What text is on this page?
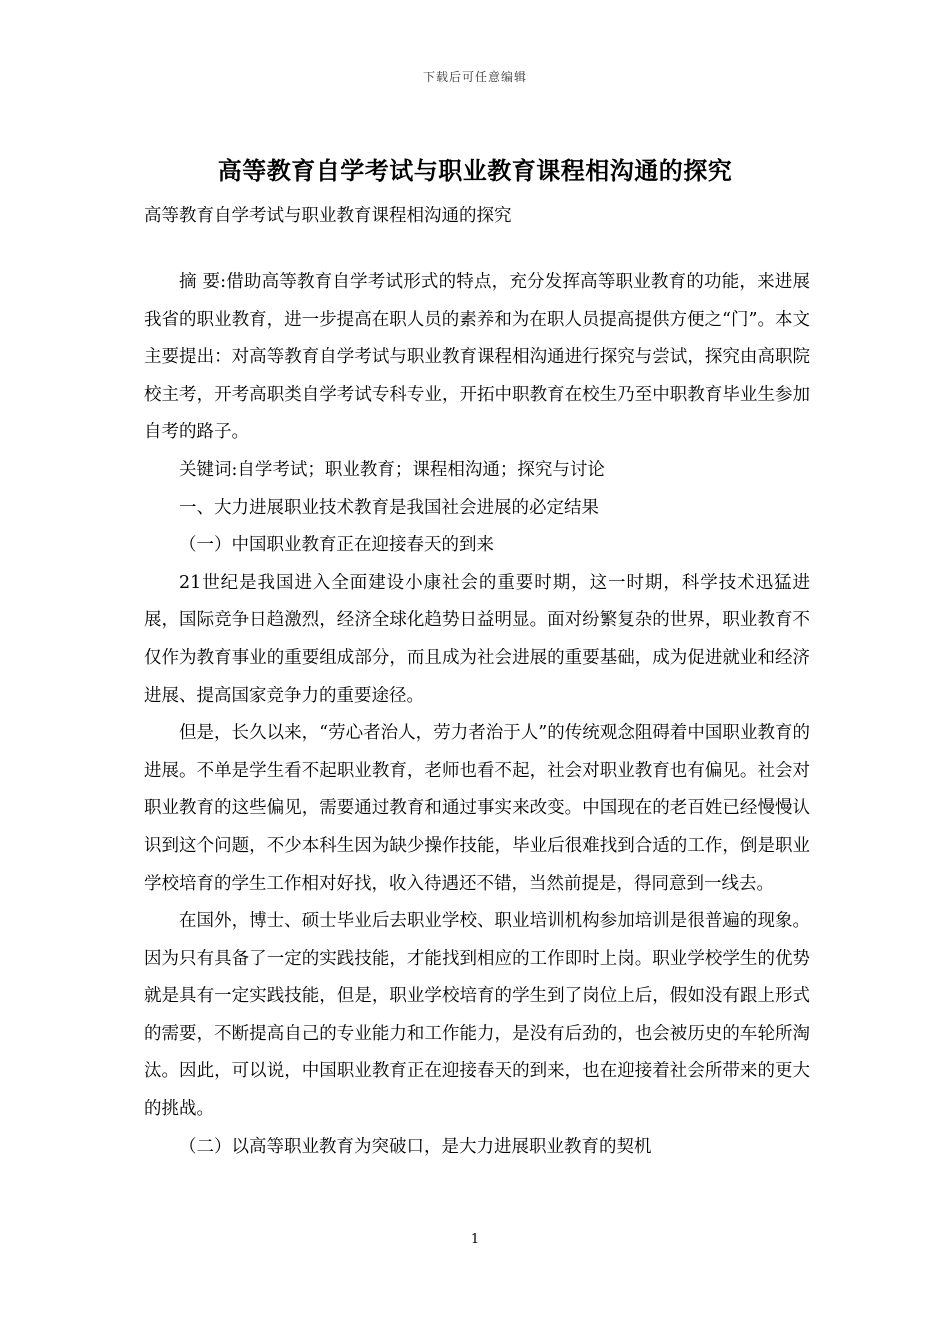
下载后可任意编辑
高等教育自学考试与职业教育课程相沟通的探究
高等教育自学考试与职业教育课程相沟通的探究

摘 要:借助高等教育自学考试形式的特点，充分发挥高等职业教育的功能，来进展我省的职业教育，进一步提高在职人员的素养和为在职人员提高提供方便之“门”。本文主要提出：对高等教育自学考试与职业教育课程相沟通进行探究与尝试，探究由高职院校主考，开考高职类自学考试专科专业，开拓中职教育在校生乃至中职教育毕业生参加自考的路子。

关键词:自学考试；职业教育；课程相沟通；探究与讨论

一、大力进展职业技术教育是我国社会进展的必定结果

（一）中国职业教育正在迎接春天的到来

21世纪是我国进入全面建设小康社会的重要时期，这一时期，科学技术迅猛进展，国际竞争日趋激烈，经济全球化趋势日益明显。面对纷繁复杂的世界，职业教育不仅作为教育事业的重要组成部分，而且成为社会进展的重要基础，成为促进就业和经济进展、提高国家竞争力的重要途径。

但是，长久以来，“劳心者治人，劳力者治于人”的传统观念阻碍着中国职业教育的进展。不单是学生看不起职业教育，老师也看不起，社会对职业教育也有偏见。社会对职业教育的这些偏见，需要通过教育和通过事实来改变。中国现在的老百姓已经慢慢认识到这个问题，不少本科生因为缺少操作技能，毕业后很难找到合适的工作，倒是职业学校培育的学生工作相对好找，收入待遇还不错，当然前提是，得同意到一线去。

在国外，博士、硕士毕业后去职业学校、职业培训机构参加培训是很普遍的现象。因为只有具备了一定的实践技能，才能找到相应的工作即时上岗。职业学校学生的优势就是具有一定实践技能，但是，职业学校培育的学生到了岗位上后，假如没有跟上形式的需要，不断提高自己的专业能力和工作能力，是没有后劲的，也会被历史的车轮所淘汰。因此，可以说，中国职业教育正在迎接春天的到来，也在迎接着社会所带来的更大的挑战。

（二）以高等职业教育为突破口，是大力进展职业教育的契机

1
